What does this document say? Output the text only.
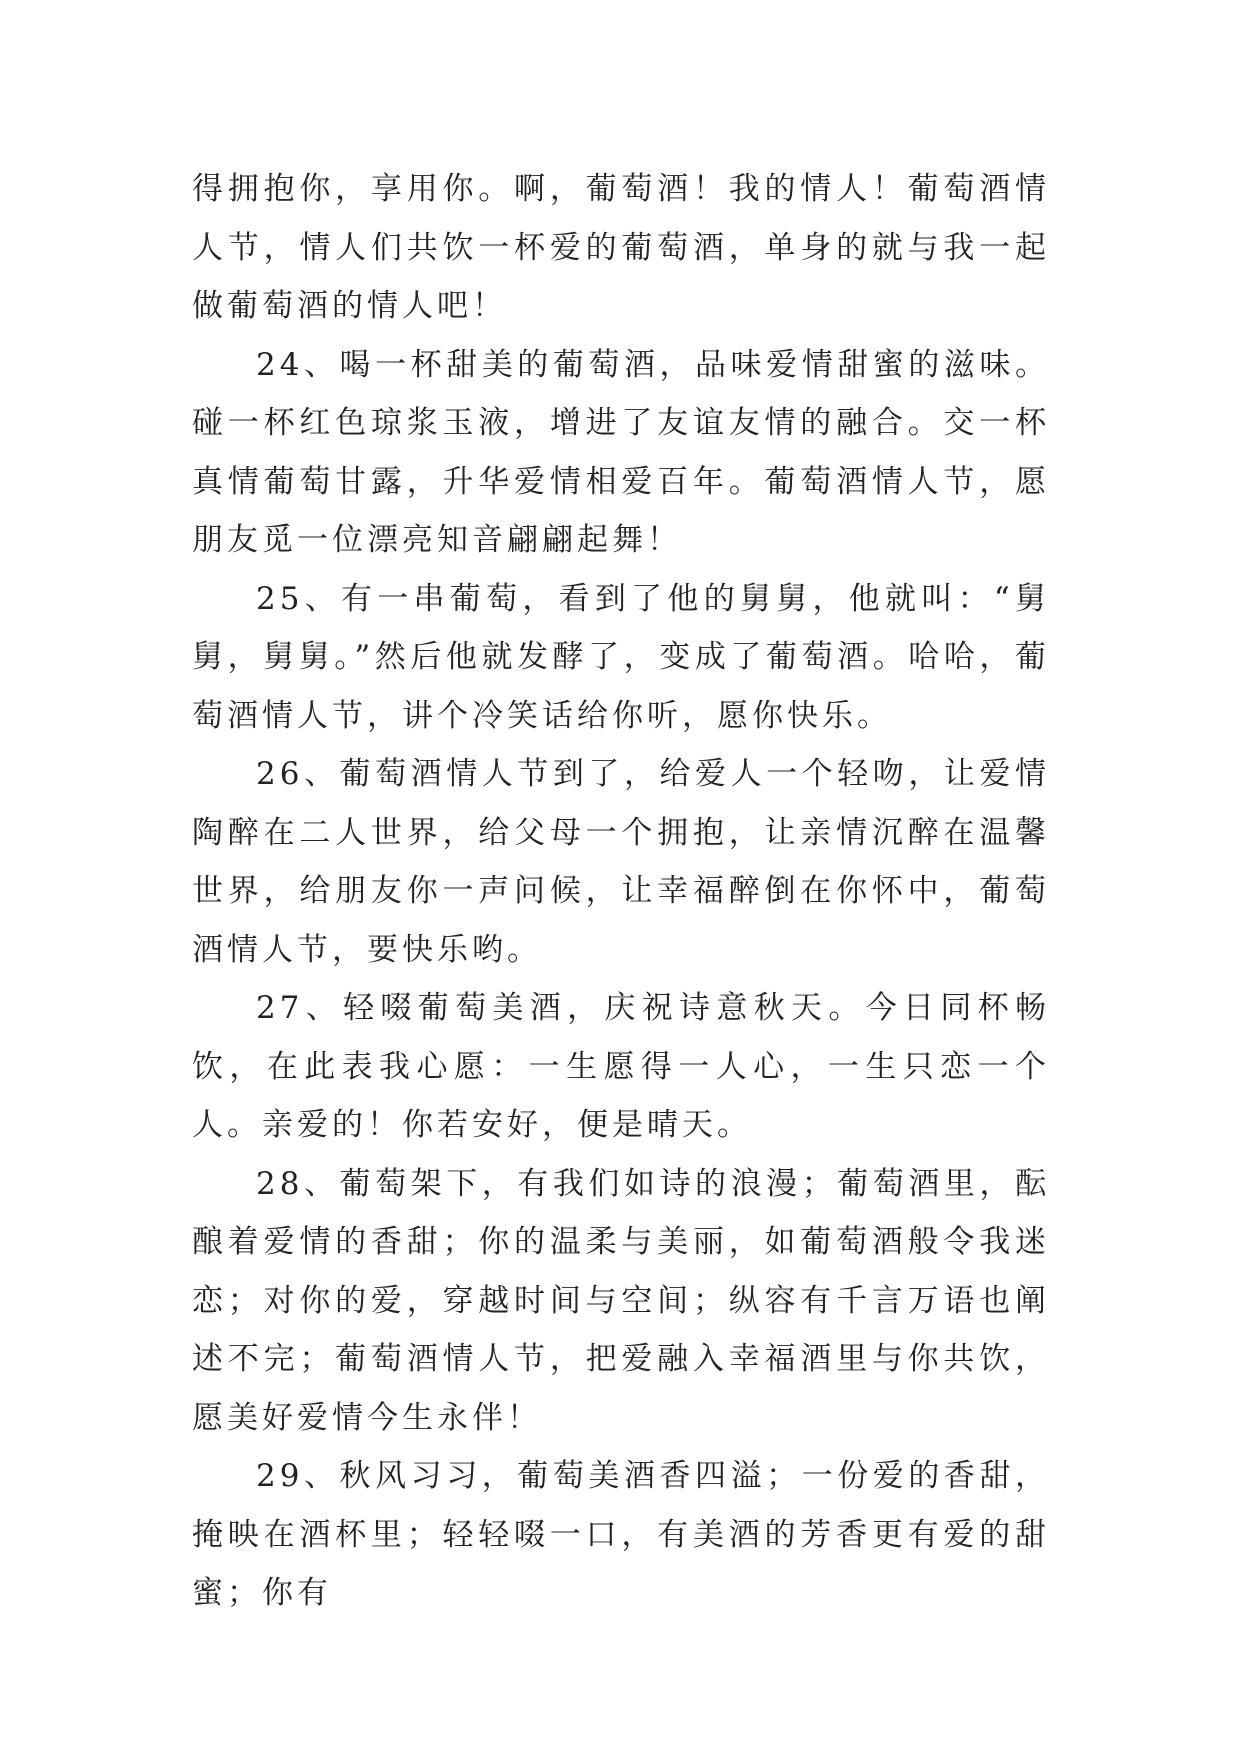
得拥抱你，享用你。啊，葡萄酒！我的情人！葡萄酒情人节，情人们共饮一杯爱的葡萄酒，单身的就与我一起做葡萄酒的情人吧！

24、喝一杯甜美的葡萄酒，品味爱情甜蜜的滋味。碰一杯红色琼浆玉液，增进了友谊友情的融合。交一杯真情葡萄甘露，升华爱情相爱百年。葡萄酒情人节，愿朋友觅一位漂亮知音翩翩起舞！

25、有一串葡萄，看到了他的舅舅，他就叫：“舅舅，舅舅。”然后他就发酵了，变成了葡萄酒。哈哈，葡萄酒情人节，讲个冷笑话给你听，愿你快乐。

26、葡萄酒情人节到了，给爱人一个轻吻，让爱情陶醉在二人世界，给父母一个拥抱，让亲情沉醉在温馨世界，给朋友你一声问候，让幸福醉倒在你怀中，葡萄酒情人节，要快乐哟。

27、轻啜葡萄美酒，庆祝诗意秋天。今日同杯畅饮，在此表我心愿：一生愿得一人心，一生只恋一个人。亲爱的！你若安好，便是晴天。

28、葡萄架下，有我们如诗的浪漫；葡萄酒里，酝酿着爱情的香甜；你的温柔与美丽，如葡萄酒般令我迷恋；对你的爱，穿越时间与空间；纵容有千言万语也阐述不完；葡萄酒情人节，把爱融入幸福酒里与你共饮，愿美好爱情今生永伴！

29、秋风习习，葡萄美酒香四溢；一份爱的香甜，掩映在酒杯里；轻轻啜一口，有美酒的芳香更有爱的甜蜜；你有
